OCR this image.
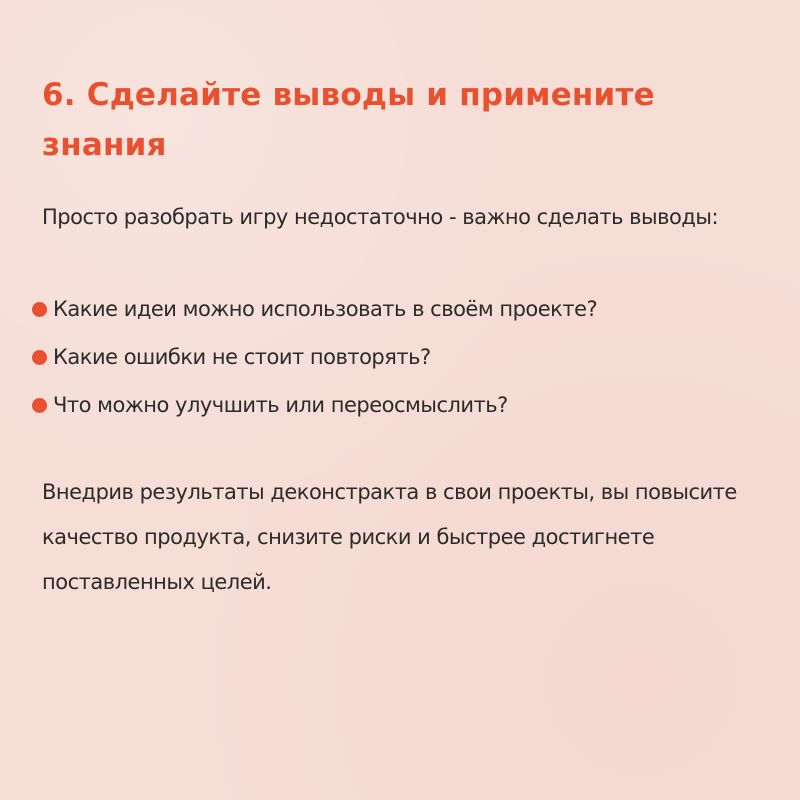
6. Сделайте выводы и примените знания

Просто разобрать игру недостаточно - важно сделать выводы:

Какие идеи можно использовать в своём проекте?
Какие ошибки не стоит повторять?
Что можно улучшить или переосмыслить?

Внедрив результаты деконстракта в свои проекты, вы повысите качество продукта, снизите риски и быстрее достигнете поставленных целей.
